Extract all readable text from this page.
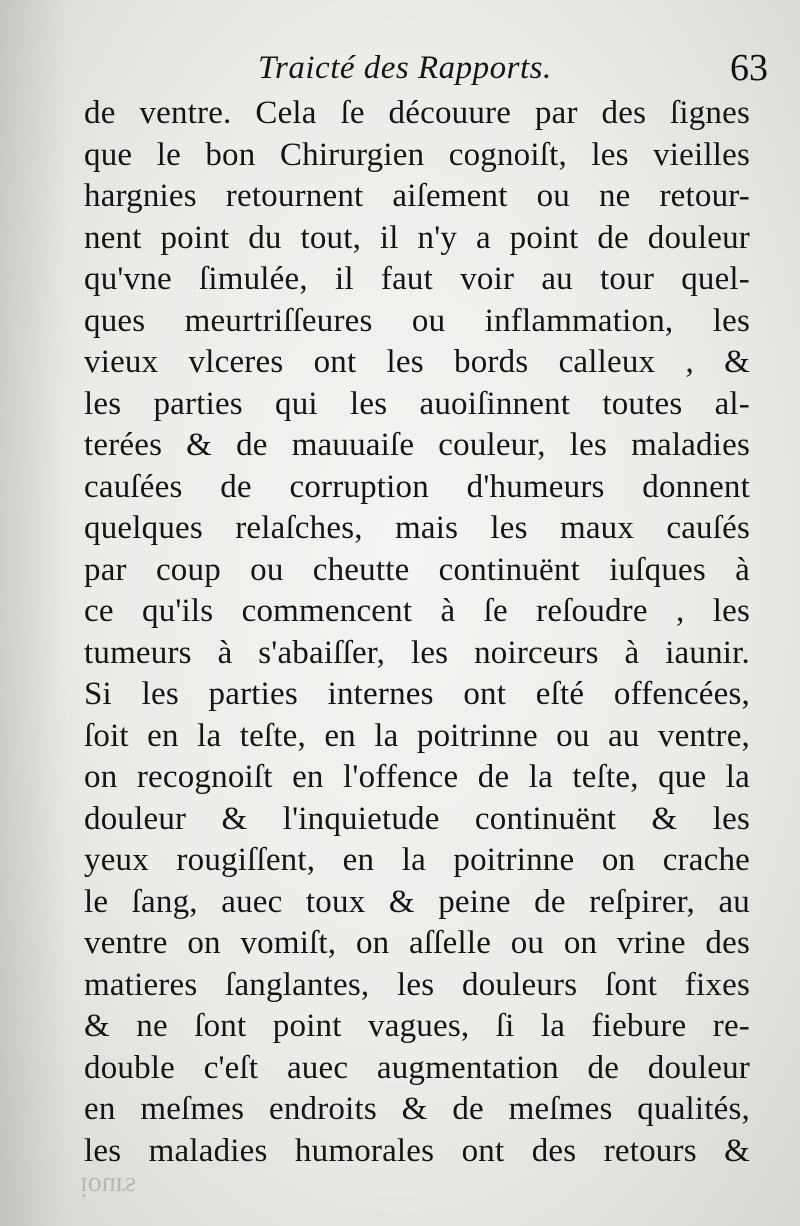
Traicté des Rapports.	63
de ventre. Cela ſe découure par des ſignes
que le bon Chirurgien cognoiſt, les vieilles
hargnies retournent aiſement ou ne retour-
nent point du tout, il n'y a point de douleur
qu'vne ſimulée, il faut voir au tour quel-
ques meurtriſſeures ou inflammation, les
vieux vlceres ont les bords calleux , &
les parties qui les auoiſinnent toutes al-
terées & de mauuaiſe couleur, les maladies
cauſées de corruption d'humeurs donnent
quelques relaſches, mais les maux cauſés
par coup ou cheutte continuënt iuſques à
ce qu'ils commencent à ſe reſoudre , les
tumeurs à s'abaiſſer, les noirceurs à iaunir.
Si les parties internes ont eſté offencées,
ſoit en la teſte, en la poitrinne ou au ventre,
on recognoiſt en l'offence de la teſte, que la
douleur & l'inquietude continuënt & les
yeux rougiſſent, en la poitrinne on crache
le ſang, auec toux & peine de reſpirer, au
ventre on vomiſt, on aſſelle ou on vrine des
matieres ſanglantes, les douleurs ſont fixes
& ne ſont point vagues, ſi la fiebure re-
double c'eſt auec augmentation de douleur
en meſmes endroits & de meſmes qualités,
les maladies humorales ont des retours &
iours
